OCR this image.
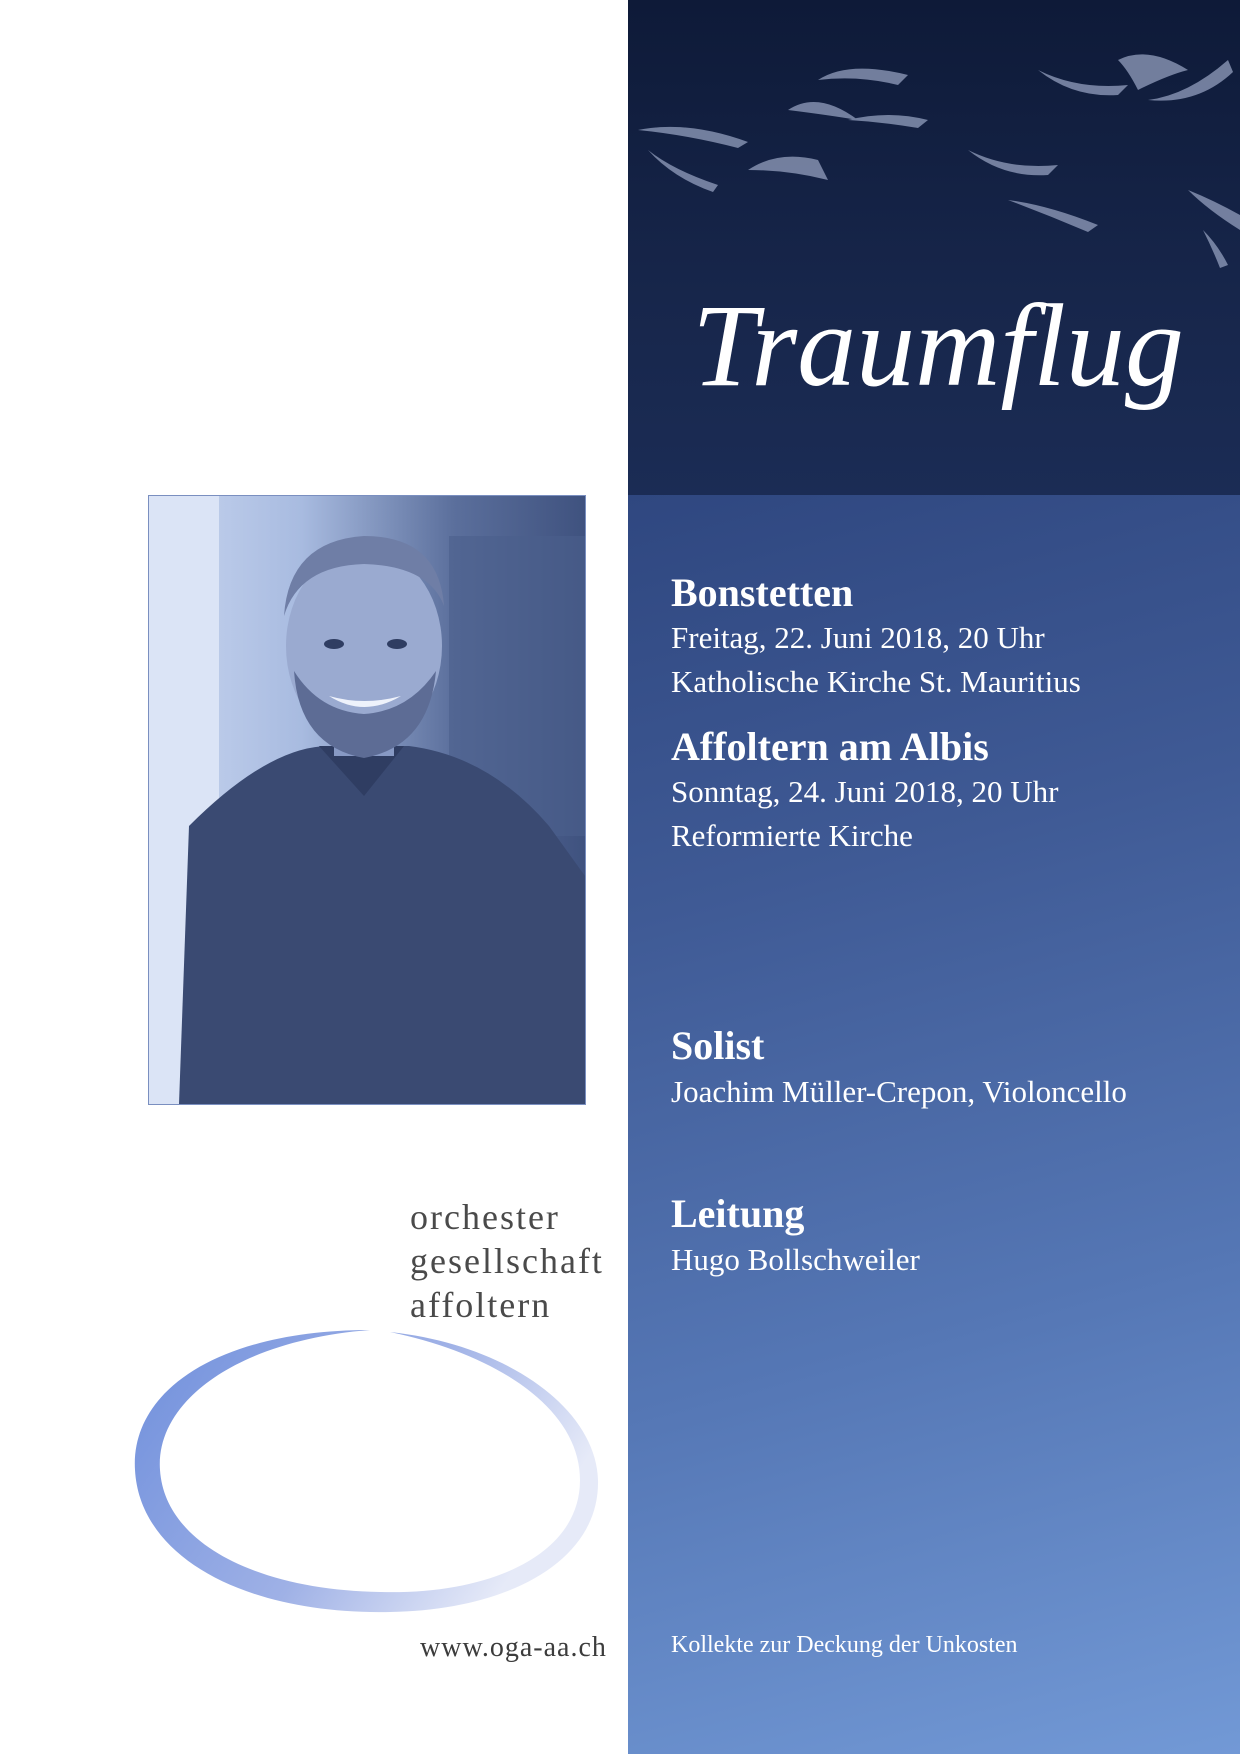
orchester
gesellschaft
affoltern
www.oga-aa.ch
Traumflug

Bonstetten

Freitag, 22. Juni 2018, 20 Uhr

Katholische Kirche St. Mauritius

Affoltern am Albis

Sonntag, 24. Juni 2018, 20 Uhr

Reformierte Kirche

Solist

Joachim Müller-Crepon, Violoncello

Leitung

Hugo Bollschweiler

Kollekte zur Deckung der Unkosten
